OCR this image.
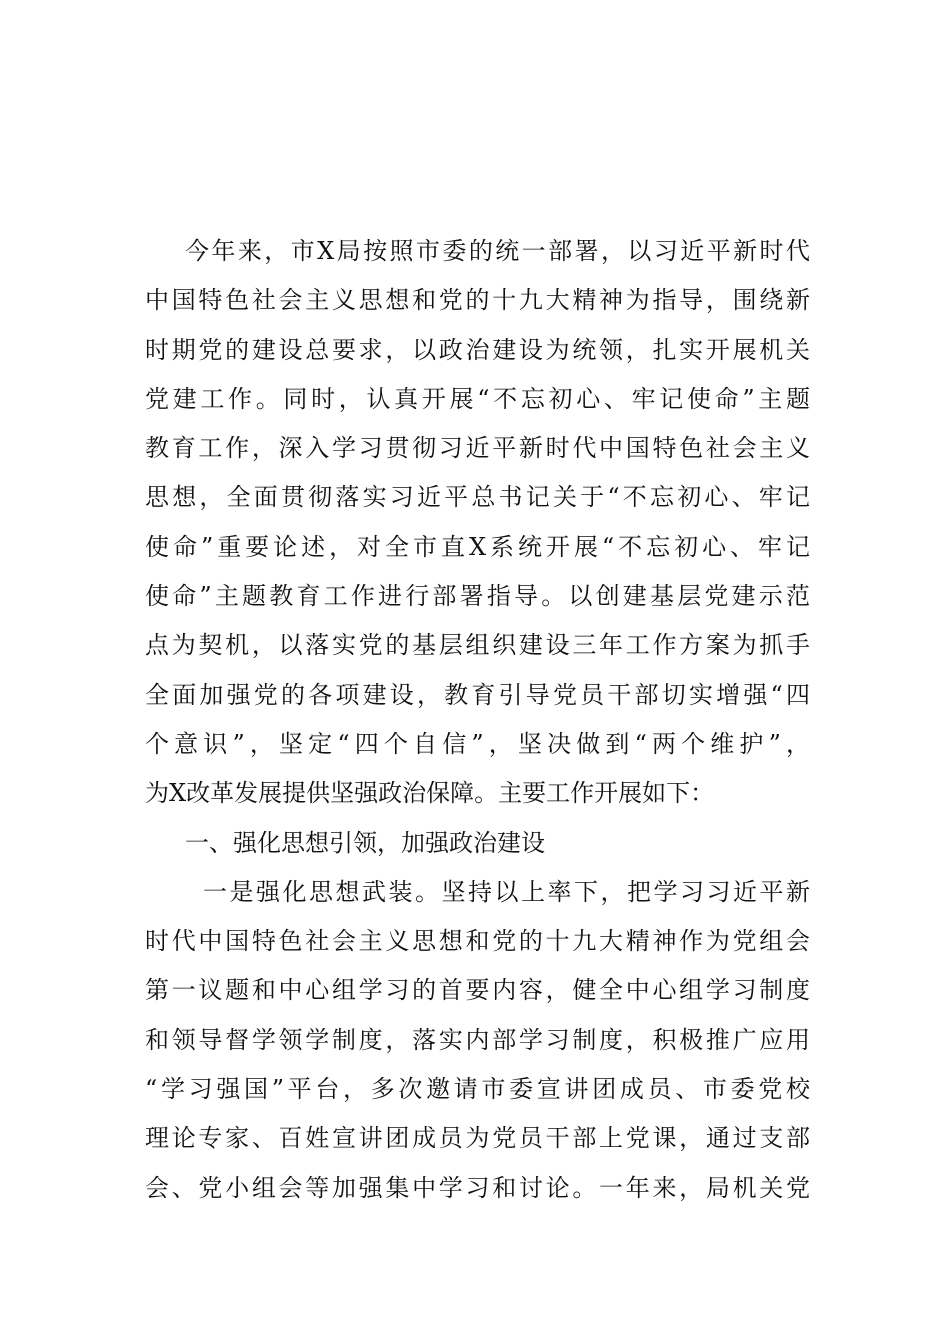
今年来，市X局按照市委的统一部署，以习近平新时代
中国特色社会主义思想和党的十九大精神为指导，围绕新
时期党的建设总要求，以政治建设为统领，扎实开展机关
党建工作。同时，认真开展“不忘初心、牢记使命”主题
教育工作，深入学习贯彻习近平新时代中国特色社会主义
思想，全面贯彻落实习近平总书记关于“不忘初心、牢记
使命”重要论述，对全市直X系统开展“不忘初心、牢记
使命”主题教育工作进行部署指导。以创建基层党建示范
点为契机，以落实党的基层组织建设三年工作方案为抓手
全面加强党的各项建设，教育引导党员干部切实增强“四
个意识”，坚定“四个自信”，坚决做到“两个维护”，
为X改革发展提供坚强政治保障。主要工作开展如下：
一、强化思想引领，加强政治建设
一是强化思想武装。坚持以上率下，把学习习近平新
时代中国特色社会主义思想和党的十九大精神作为党组会
第一议题和中心组学习的首要内容，健全中心组学习制度
和领导督学领学制度，落实内部学习制度，积极推广应用
“学习强国”平台，多次邀请市委宣讲团成员、市委党校
理论专家、百姓宣讲团成员为党员干部上党课，通过支部
会、党小组会等加强集中学习和讨论。一年来，局机关党
